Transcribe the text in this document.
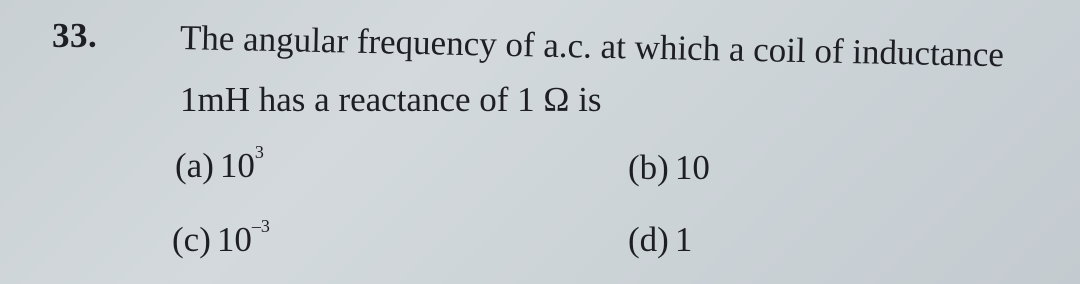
33. The angular frequency of a.c. at which a coil of inductance
1mH has a reactance of 1 Ω is
(a) $10^3$	(b) 10
(c) $10^{-3}$	(d) 1
